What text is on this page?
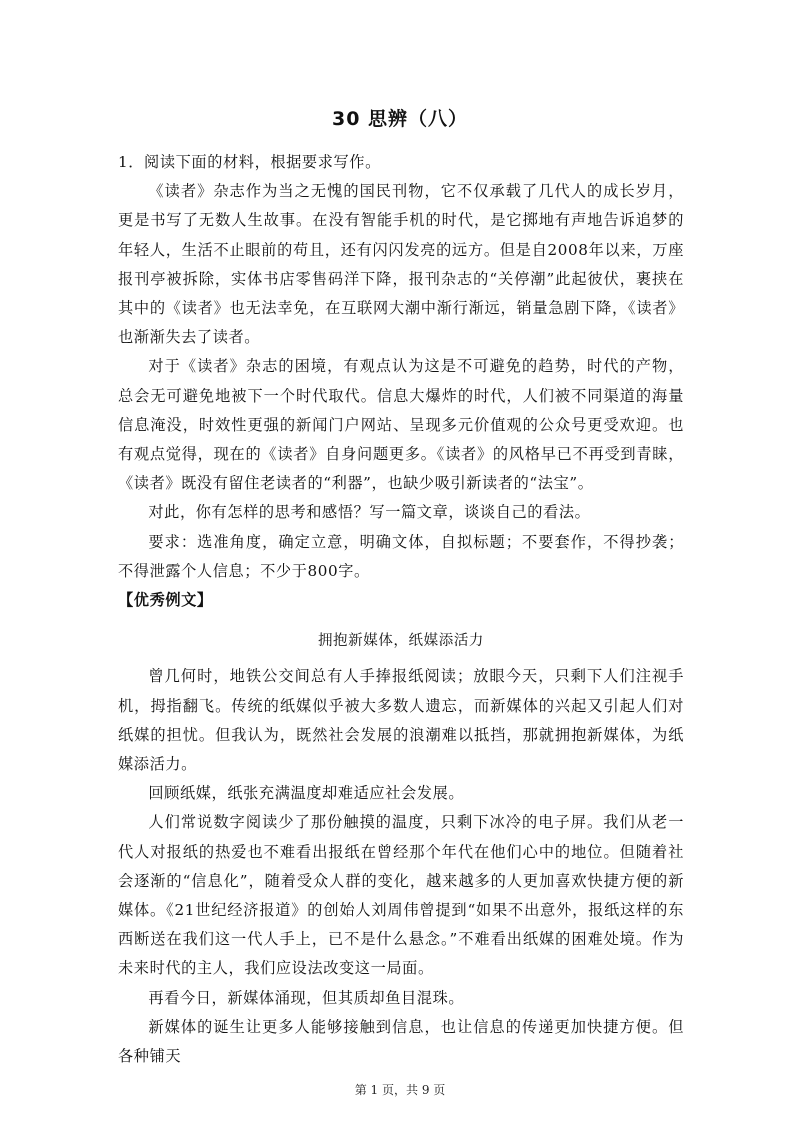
30 思辨（八）

1．阅读下面的材料，根据要求写作。

《读者》杂志作为当之无愧的国民刊物，它不仅承载了几代人的成长岁月，更是书写了无数人生故事。在没有智能手机的时代，是它掷地有声地告诉追梦的年轻人，生活不止眼前的苟且，还有闪闪发亮的远方。但是自2008年以来，万座报刊亭被拆除，实体书店零售码洋下降，报刊杂志的“关停潮”此起彼伏，裹挟在其中的《读者》也无法幸免，在互联网大潮中渐行渐远，销量急剧下降，《读者》也渐渐失去了读者。

对于《读者》杂志的困境，有观点认为这是不可避免的趋势，时代的产物，总会无可避免地被下一个时代取代。信息大爆炸的时代，人们被不同渠道的海量信息淹没，时效性更强的新闻门户网站、呈现多元价值观的公众号更受欢迎。也有观点觉得，现在的《读者》自身问题更多。《读者》的风格早已不再受到青睐，《读者》既没有留住老读者的“利器”，也缺少吸引新读者的“法宝”。

对此，你有怎样的思考和感悟？写一篇文章，谈谈自己的看法。

要求：选准角度，确定立意，明确文体，自拟标题；不要套作，不得抄袭；不得泄露个人信息；不少于800字。

【优秀例文】

拥抱新媒体，纸媒添活力

曾几何时，地铁公交间总有人手捧报纸阅读；放眼今天，只剩下人们注视手机，拇指翻飞。传统的纸媒似乎被大多数人遗忘，而新媒体的兴起又引起人们对纸媒的担忧。但我认为，既然社会发展的浪潮难以抵挡，那就拥抱新媒体，为纸媒添活力。

回顾纸媒，纸张充满温度却难适应社会发展。

人们常说数字阅读少了那份触摸的温度，只剩下冰冷的电子屏。我们从老一代人对报纸的热爱也不难看出报纸在曾经那个年代在他们心中的地位。但随着社会逐渐的“信息化”，随着受众人群的变化，越来越多的人更加喜欢快捷方便的新媒体。《21世纪经济报道》的创始人刘周伟曾提到“如果不出意外，报纸这样的东西断送在我们这一代人手上，已不是什么悬念。”不难看出纸媒的困难处境。作为未来时代的主人，我们应设法改变这一局面。

再看今日，新媒体涌现，但其质却鱼目混珠。

新媒体的诞生让更多人能够接触到信息，也让信息的传递更加快捷方便。但各种铺天

第 1 页，共 9 页
